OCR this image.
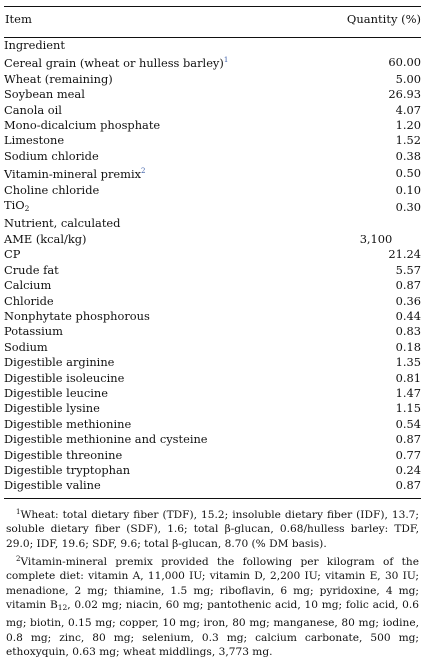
Item	Quantity (%)
Ingredient	
Cereal grain (wheat or hulless barley)$^1$	60.00
Wheat (remaining)	5.00
Soybean meal	26.93
Canola oil	4.07
Mono-dicalcium phosphate	1.20
Limestone	1.52
Sodium chloride	0.38
Vitamin-mineral premix$^2$	0.50
Choline chloride	0.10
TiO$_2$	0.30
Nutrient, calculated	
AME (kcal/kg)	3,100
CP	21.24
Crude fat	5.57
Calcium	0.87
Chloride	0.36
Nonphytate phosphorous	0.44
Potassium	0.83
Sodium	0.18
Digestible arginine	1.35
Digestible isoleucine	0.81
Digestible leucine	1.47
Digestible lysine	1.15
Digestible methionine	0.54
Digestible methionine and cysteine	0.87
Digestible threonine	0.77
Digestible tryptophan	0.24
Digestible valine	0.87

$^1$Wheat: total dietary fiber (TDF), 15.2; insoluble dietary fiber (IDF), 13.7; soluble dietary fiber (SDF), 1.6; total β-glucan, 0.68/hulless barley: TDF, 29.0; IDF, 19.6; SDF, 9.6; total β-glucan, 8.70 (% DM basis).

$^2$Vitamin-mineral premix provided the following per kilogram of the complete diet: vitamin A, 11,000 IU; vitamin D, 2,200 IU; vitamin E, 30 IU; menadione, 2 mg; thiamine, 1.5 mg; riboflavin, 6 mg; pyridoxine, 4 mg; vitamin $B_{12}$, 0.02 mg; niacin, 60 mg; pantothenic acid, 10 mg; folic acid, 0.6 mg; biotin, 0.15 mg; copper, 10 mg; iron, 80 mg; manganese, 80 mg; iodine, 0.8 mg; zinc, 80 mg; selenium, 0.3 mg; calcium carbonate, 500 mg; ethoxyquin, 0.63 mg; wheat middlings, 3,773 mg.
